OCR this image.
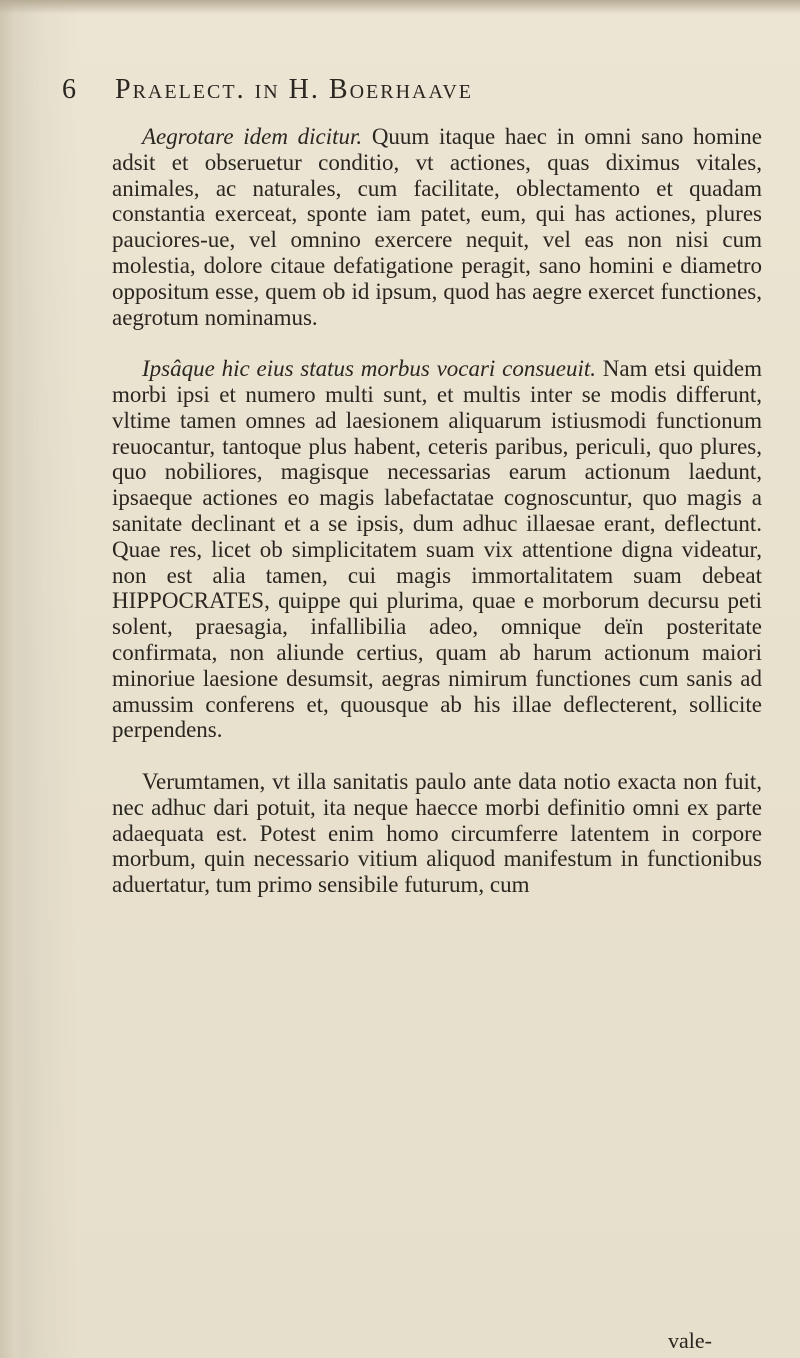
6 Praelect. in H. Boerhaave

Aegrotare idem dicitur. Quum itaque haec in omni sano homine adsit et obseruetur conditio, vt actiones, quas diximus vitales, animales, ac naturales, cum facilitate, oblectamento et quadam constantia exerceat, sponte iam patet, eum, qui has actiones, plures pauciores-ue, vel omnino exercere nequit, vel eas non nisi cum molestia, dolore citaue defatigatione peragit, sano homini e diametro oppositum esse, quem ob id ipsum, quod has aegre exercet functiones, aegrotum nominamus.

Ipsâque hic eius status morbus vocari consueuit. Nam etsi quidem morbi ipsi et numero multi sunt, et multis inter se modis differunt, vltime tamen omnes ad laesionem aliquarum istiusmodi functionum reuocantur, tantoque plus habent, ceteris paribus, periculi, quo plures, quo nobiliores, magisque necessarias earum actionum laedunt, ipsaeque actiones eo magis labefactatae cognoscuntur, quo magis a sanitate declinant et a se ipsis, dum adhuc illaesae erant, deflectunt. Quae res, licet ob simplicitatem suam vix attentione digna videatur, non est alia tamen, cui magis immortalitatem suam debeat HIPPOCRATES, quippe qui plurima, quae e morborum decursu peti solent, praesagia, infallibilia adeo, omnique deïn posteritate confirmata, non aliunde certius, quam ab harum actionum maiori minoriue laesione desumsit, aegras nimirum functiones cum sanis ad amussim conferens et, quousque ab his illae deflecterent, sollicite perpendens.

Verumtamen, vt illa sanitatis paulo ante data notio exacta non fuit, nec adhuc dari potuit, ita neque haecce morbi definitio omni ex parte adaequata est. Potest enim homo circumferre latentem in corpore morbum, quin necessario vitium aliquod manifestum in functionibus aduertatur, tum primo sensibile futurum, cum

vale-
